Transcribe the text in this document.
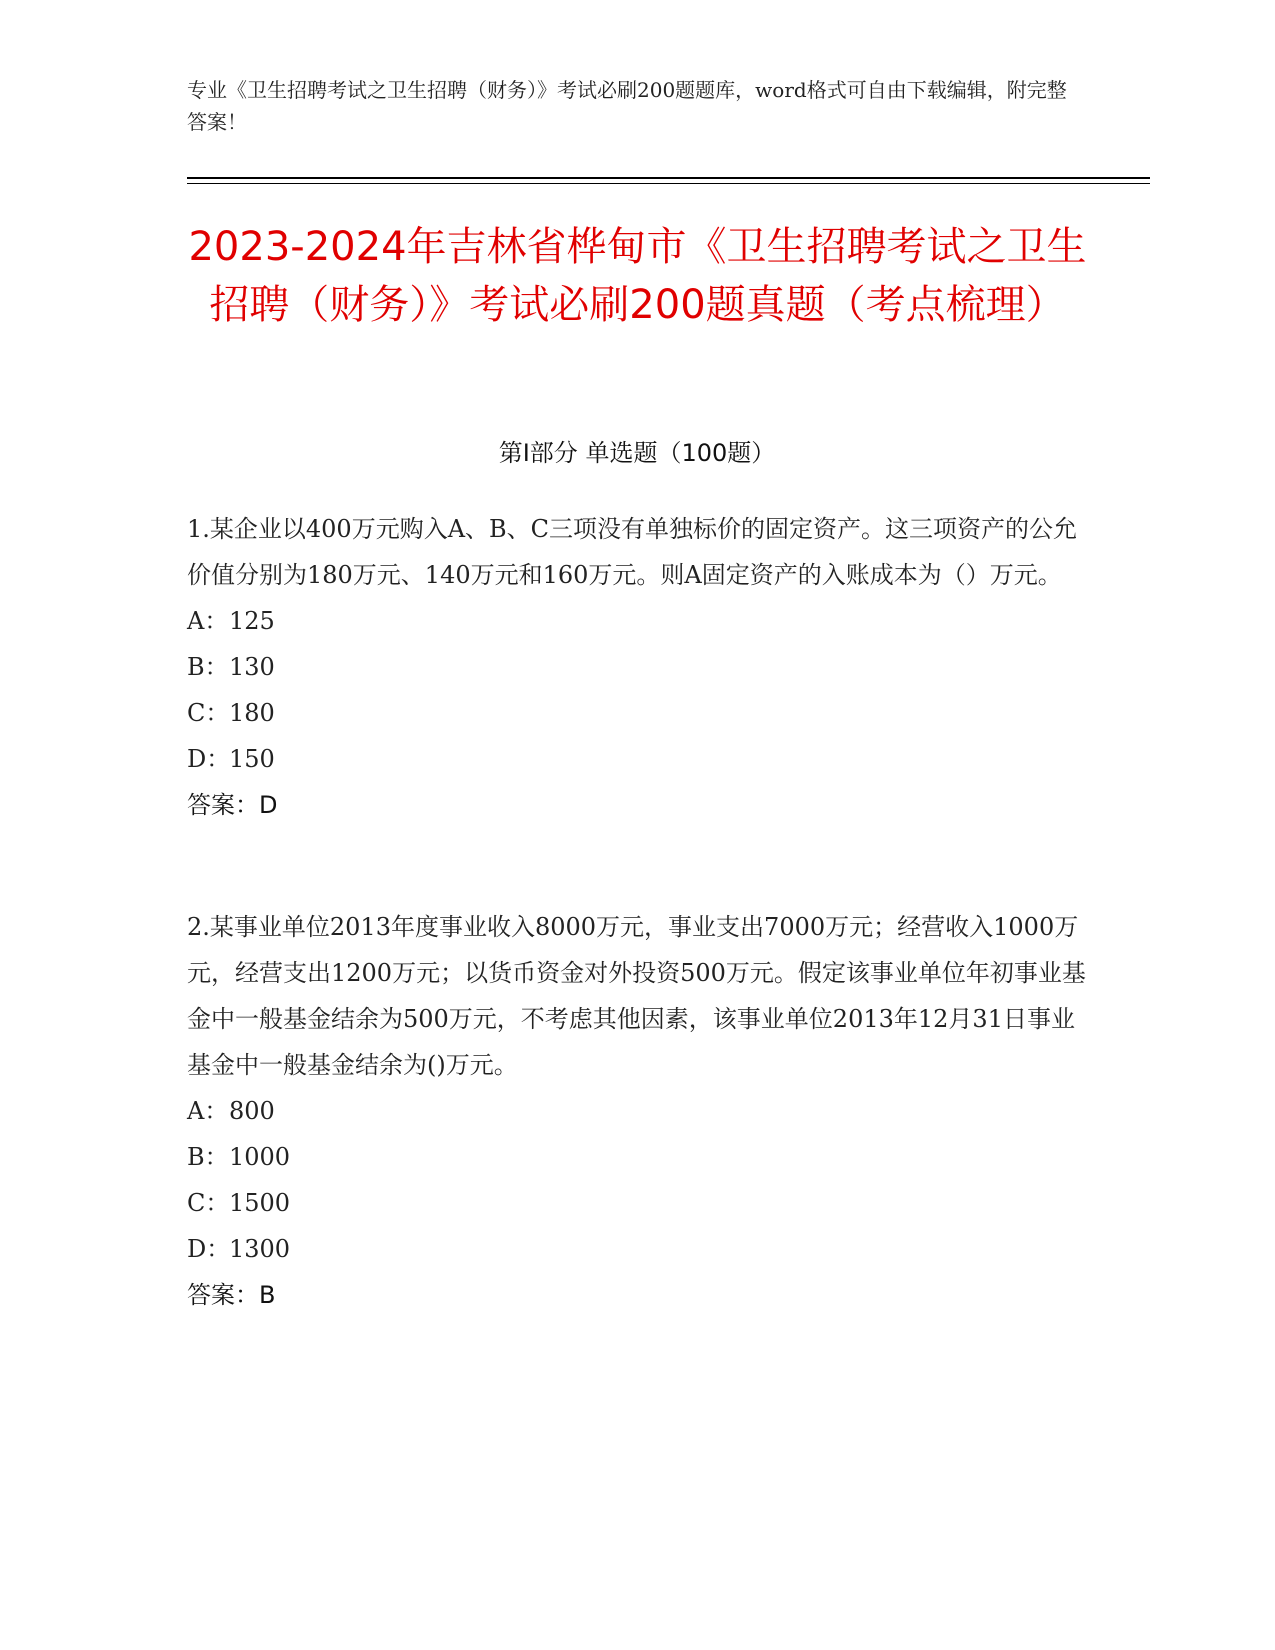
专业《卫生招聘考试之卫生招聘（财务）》考试必刷200题题库，word格式可自由下载编辑，附完整答案！
2023-2024年吉林省桦甸市《卫生招聘考试之卫生招聘（财务）》考试必刷200题真题（考点梳理）
第Ⅰ部分 单选题（100题）

1.某企业以400万元购入A、B、C三项没有单独标价的固定资产。这三项资产的公允价值分别为180万元、140万元和160万元。则A固定资产的入账成本为（）万元。

A：125

B：130

C：180

D：150

答案：D

2.某事业单位2013年度事业收入8000万元，事业支出7000万元；经营收入1000万元，经营支出1200万元；以货币资金对外投资500万元。假定该事业单位年初事业基金中一般基金结余为500万元，不考虑其他因素，该事业单位2013年12月31日事业基金中一般基金结余为()万元。

A：800

B：1000

C：1500

D：1300

答案：B
